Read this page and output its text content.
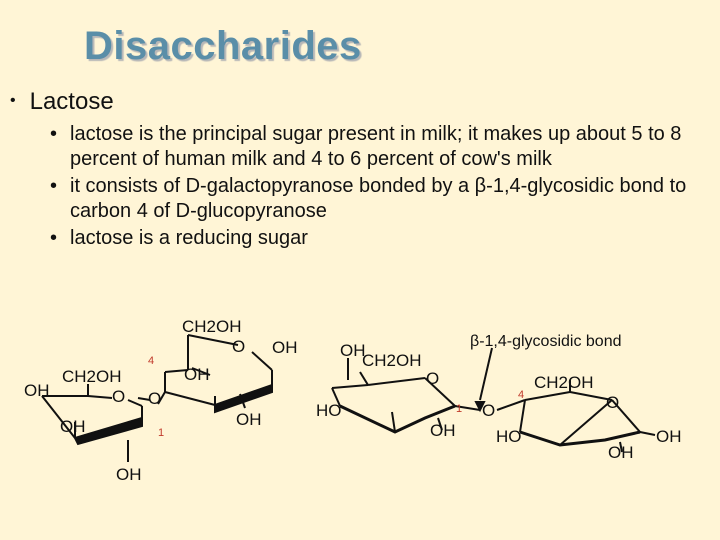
Disaccharides
• Lactose
• lactose is the principal sugar present in milk; it makes up about 5 to 8 percent of human milk and 4 to 6 percent of cow's milk
• it consists of D-galactopyranose bonded by a β-1,4-glycosidic bond to carbon 4 of D-glucopyranose
• lactose is a reducing sugar
β-1,4-glycosidic bond
CH2OH
O OH
OH
OH
4
1
CH2OH
OH	O O
OH
OH
OH
CH2OH
O
HO
OH
1 O
4
CH2OH
O
HO	OH
OH
